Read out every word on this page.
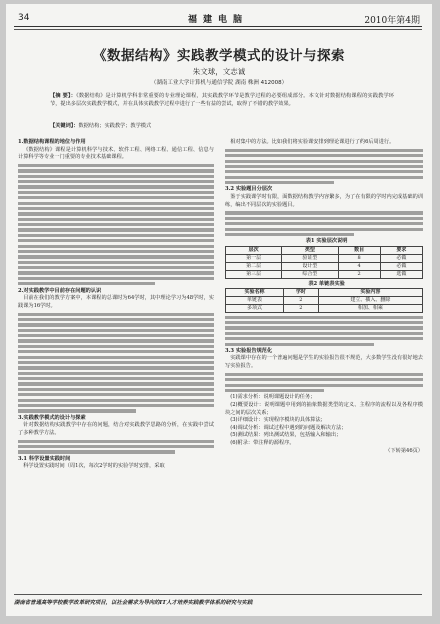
34	福建电脑	2010年第4期
《数据结构》实践教学模式的设计与探索
朱文球，文志诚
（湖南工业大学计算机与通信学院 湖南 株洲 412008）
【摘 要】：《数据结构》是计算机学科非常重要的专业理论课程，其实践教学环节是教学过程的必要组成部分。本文针对数据结构课程的实践教学环节，提出多层次实践教学模式，并在具体实践教学过程中进行了一些有益的尝试，取得了不错的教学效果。
【关键词】：数据结构；实践教学；教学模式

1.数据结构课程的地位与作用

《数据结构》课程是计算机科学与技术、软件工程、网络工程、通信工程、信息与计算科学等专业一门重要的专业技术基础课程。

2.对实践教学中目前存在问题的认识

目前在我们的教学方案中，本课程的总课时为64学时，其中理论学习为48学时，实践课为16学时。

3.实践教学模式的设计与探索

针对数据结构实践教学中存在的问题，结合对实践教学思路的分析，在实践中尝试了多种教学方法。

3.1 科学设置实践时间

科学设置实践时间（周1次，每次2学时的实验学时安排，采取

相对集中的方法。比如我们将实验课安排到理论课进行了约6后周进行。

3.2 实验题目分层次

鉴于实践课学时有限，面数据结构教学内容繁多，为了在有限的学时内完成基础的训练，编出不同层次的实验题目。

表1 实验层次说明

层次	类型	数目	要求
第一层	验证型	8	必做
第二层	设计型	4	必做
第三层	综合型	2	选做

表2 单链表实验

实验名称	学时	实验内容
单链表	2	建立、插入、删除
多项式	2	相加、相乘

3.3 实验报告规范化

实践课中存在的一个普遍问题是学生的实验报告很不规范，大多数学生没有很好地去写实验报告。

(1)需求分析：说明课题设计的任务；

(2)概要设计：说明课题中用到的抽象数据类型的定义、主程序的流程以及各程序模块之间的层次关系；

(3)详细设计：实现程序模块的具体算法；

(4)调试分析：调试过程中遇到的问题及解决方法；

(5)测试结果：列出测试结果，包括输入和输出；

(6)附录：带注释的源程序。

（下转第46页）

湖南省普通高等学校教学改革研究项目，以社会需求为导向的IT人才培养实践教学体系的研究与实践
